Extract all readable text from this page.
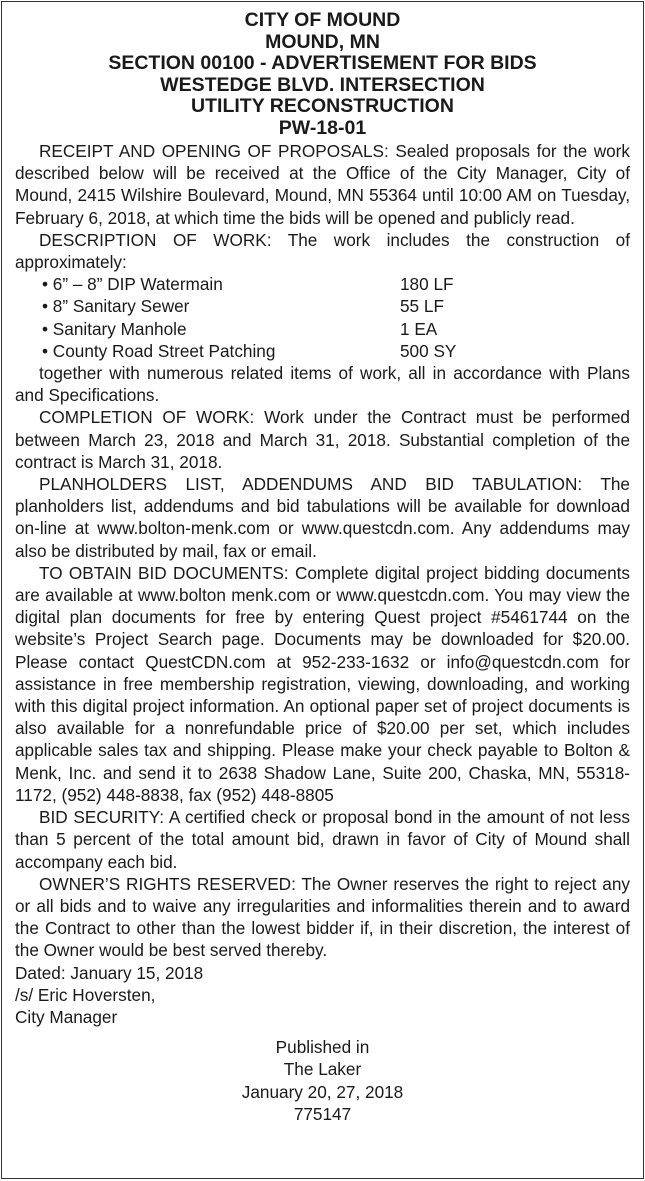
CITY OF MOUND
MOUND, MN
SECTION 00100 - ADVERTISEMENT FOR BIDS
WESTEDGE BLVD. INTERSECTION
UTILITY RECONSTRUCTION
PW-18-01

RECEIPT AND OPENING OF PROPOSALS: Sealed proposals for the work described below will be received at the Office of the City Manager, City of Mound, 2415 Wilshire Boulevard, Mound, MN 55364 until 10:00 AM on Tuesday, February 6, 2018, at which time the bids will be opened and publicly read.

DESCRIPTION OF WORK: The work includes the construction of approximately:

• 6” – 8” DIP Watermain	180 LF
• 8” Sanitary Sewer	55 LF
• Sanitary Manhole	1 EA
• County Road Street Patching	500 SY

together with numerous related items of work, all in accordance with Plans and Specifications.

COMPLETION OF WORK: Work under the Contract must be performed between March 23, 2018 and March 31, 2018. Substantial completion of the contract is March 31, 2018.

PLANHOLDERS LIST, ADDENDUMS AND BID TABULATION: The planholders list, addendums and bid tabulations will be available for download on-line at www.bolton-menk.com or www.questcdn.com. Any addendums may also be distributed by mail, fax or email.

TO OBTAIN BID DOCUMENTS: Complete digital project bidding documents are available at www.bolton menk.com or www.questcdn.com. You may view the digital plan documents for free by entering Quest project #5461744 on the website’s Project Search page. Documents may be downloaded for $20.00. Please contact QuestCDN.com at 952-233-1632 or info@questcdn.com for assistance in free membership registration, viewing, downloading, and working with this digital project information. An optional paper set of project documents is also available for a nonrefundable price of $20.00 per set, which includes applicable sales tax and shipping. Please make your check payable to Bolton & Menk, Inc. and send it to 2638 Shadow Lane, Suite 200, Chaska, MN, 55318-1172, (952) 448-8838, fax (952) 448-8805

BID SECURITY: A certified check or proposal bond in the amount of not less than 5 percent of the total amount bid, drawn in favor of City of Mound shall accompany each bid.

OWNER’S RIGHTS RESERVED: The Owner reserves the right to reject any or all bids and to waive any irregularities and informalities therein and to award the Contract to other than the lowest bidder if, in their discretion, the interest of the Owner would be best served thereby.

Dated: January 15, 2018

/s/ Eric Hoversten,

City Manager

Published in

The Laker

January 20, 27, 2018

775147
